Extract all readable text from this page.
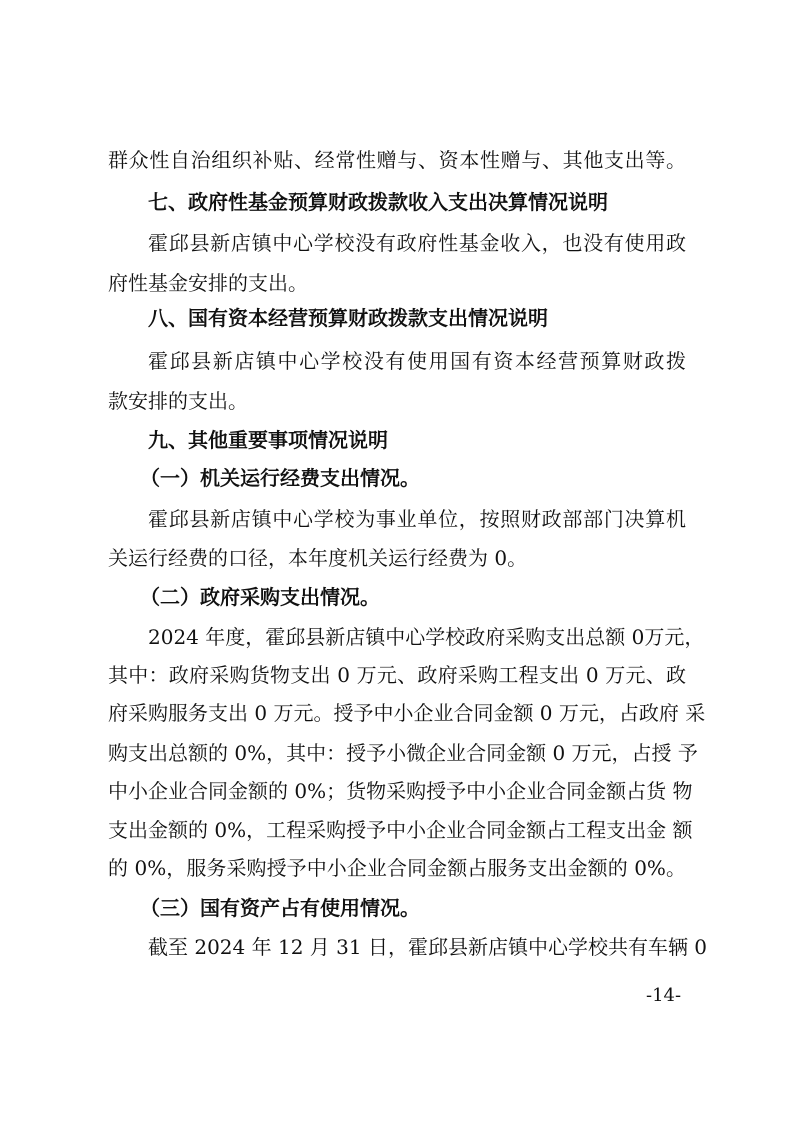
群众性自治组织补贴、经常性赠与、资本性赠与、其他支出等。
七、政府性基金预算财政拨款收入支出决算情况说明
霍邱县新店镇中心学校没有政府性基金收入，也没有使用政
府性基金安排的支出。
八、国有资本经营预算财政拨款支出情况说明
霍邱县新店镇中心学校没有使用国有资本经营预算财政拨
款安排的支出。
九、其他重要事项情况说明
（一）机关运行经费支出情况。
霍邱县新店镇中心学校为事业单位，按照财政部部门决算机
关运行经费的口径，本年度机关运行经费为 0。
（二）政府采购支出情况。
2024 年度，霍邱县新店镇中心学校政府采购支出总额 0万元，
其中：政府采购货物支出 0 万元、政府采购工程支出 0 万元、政
府采购服务支出 0 万元。授予中小企业合同金额 0 万元，占政府 采
购支出总额的 0%，其中：授予小微企业合同金额 0 万元，占授 予
中小企业合同金额的 0%；货物采购授予中小企业合同金额占货 物
支出金额的 0%，工程采购授予中小企业合同金额占工程支出金 额
的 0%，服务采购授予中小企业合同金额占服务支出金额的 0%。
（三）国有资产占有使用情况。
截至 2024 年 12 月 31 日，霍邱县新店镇中心学校共有车辆 0
-14-
